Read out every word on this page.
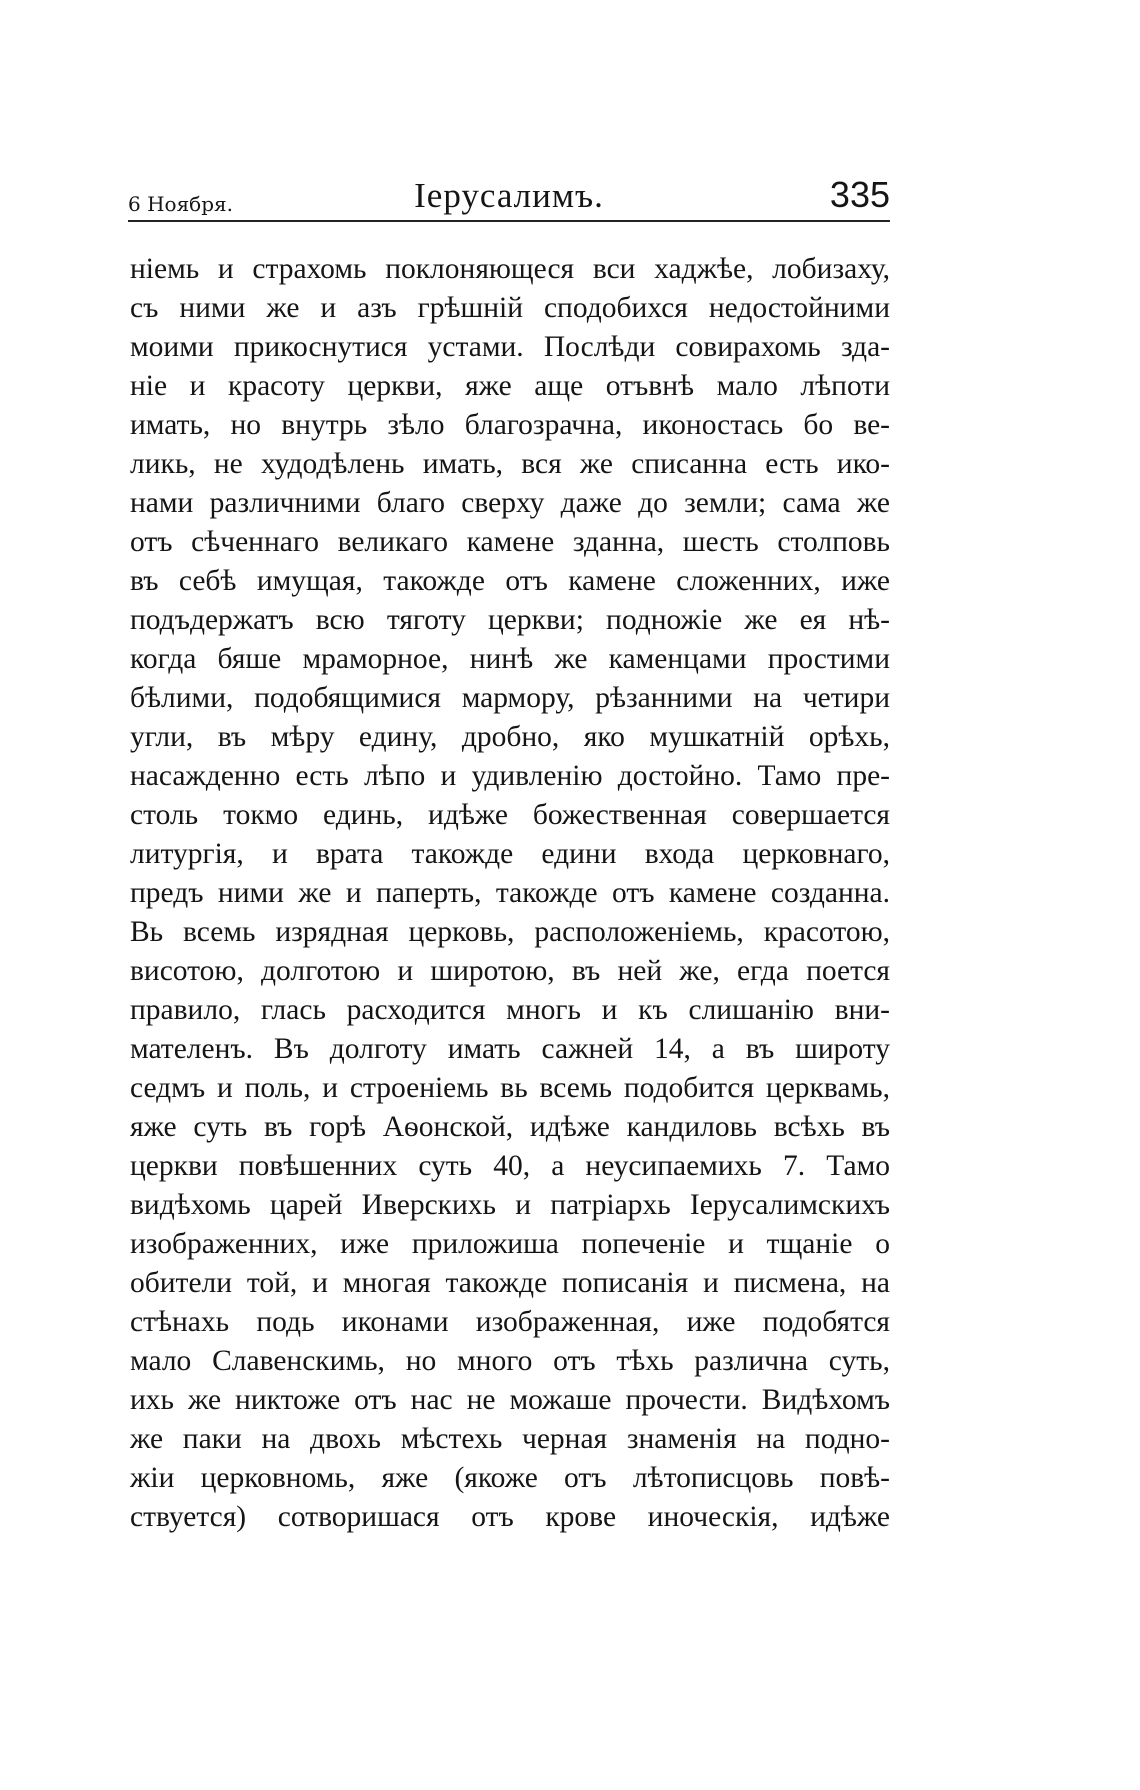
6 Ноября.	Іерусалимъ.	335
ніемь и страхомь поклоняющеся вси хаджѣе, лобизаху,
съ ними же и азъ грѣшній сподобихся недостойними
моими прикоснутися устами. Послѣди совирахомь зда-
ніе и красоту церкви, яже аще отъвнѣ мало лѣпоти
имать, но внутрь зѣло благозрачна, иконостась бо ве-
ликь, не худодѣлень имать, вся же списанна есть ико-
нами различними благо сверху даже до земли; сама же
отъ сѣченнаго великаго камене зданна, шесть столповь
въ себѣ имущая, такожде отъ камене сложенних, иже
подъдержатъ всю тяготу церкви; подножіе же ея нѣ-
когда бяше мраморное, нинѣ же каменцами простими
бѣлими, подобящимися мармору, рѣзанними на четири
угли, въ мѣру едину, дробно, яко мушкатній орѣхь,
насажденно есть лѣпо и удивленію достойно. Тамо пре-
столь токмо единь, идѣже божественная совершается
литургія, и врата такожде едини входа церковнаго,
предъ ними же и паперть, такожде отъ камене созданна.
Вь всемь изрядная церковь, расположеніемь, красотою,
висотою, долготою и широтою, въ ней же, егда поется
правило, глась расходится многь и къ слишанію вни-
мателенъ. Въ долготу имать сажней 14, а въ широту
седмъ и поль, и строеніемь вь всемь подобится церквамь,
яже суть въ горѣ Аѳонской, идѣже кандиловь всѣхь въ
церкви повѣшенних суть 40, а неусипаемихь 7. Тамо
видѣхомь царей Иверскихь и патріархь Іерусалимскихъ
изображенних, иже приложиша попеченіе и тщаніе о
обители той, и многая такожде пописанія и писмена, на
стѣнахь подь иконами изображенная, иже подобятся
мало Славенскимь, но много отъ тѣхь различна суть,
ихь же никтоже отъ нас не можаше прочести. Видѣхомъ
же паки на двохь мѣстехь черная знаменія на подно-
жіи церковномь, яже (якоже отъ лѣтописцовь повѣ-
ствуется) сотворишася отъ крове иноческія, идѣже
